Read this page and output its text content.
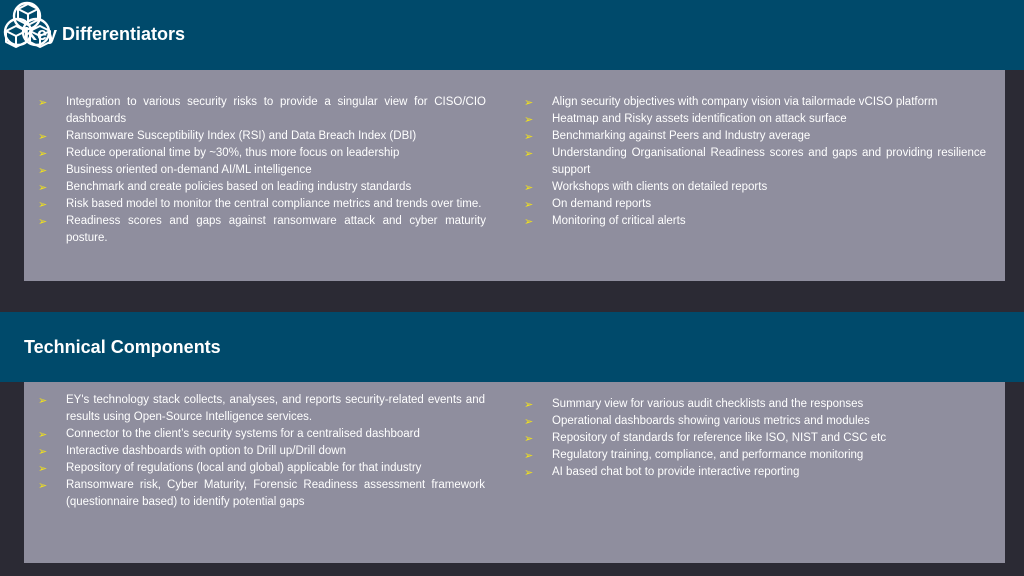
Key Differentiators
➢ Integration to various security risks to provide a singular view for CISO/CIO dashboards
➢ Ransomware Susceptibility Index (RSI) and Data Breach Index (DBI)
➢ Reduce operational time by ~30%, thus more focus on leadership
➢ Business oriented on-demand AI/ML intelligence
➢ Benchmark and create policies based on leading industry standards
➢ Risk based model to monitor the central compliance metrics and trends over time.
➢ Readiness scores and gaps against ransomware attack and cyber maturity posture.
➢ Align security objectives with company vision via tailormade vCISO platform
➢ Heatmap and Risky assets identification on attack surface
➢ Benchmarking against Peers and Industry average
➢ Understanding Organisational Readiness scores and gaps and providing resilience support
➢ Workshops with clients on detailed reports
➢ On demand reports
➢ Monitoring of critical alerts
Technical Components
➢ EY's technology stack collects, analyses, and reports security-related events and results using Open-Source Intelligence services.
➢ Connector to the client’s security systems for a centralised dashboard
➢ Interactive dashboards with option to Drill up/Drill down
➢ Repository of regulations (local and global) applicable for that industry
➢ Ransomware risk, Cyber Maturity, Forensic Readiness assessment framework (questionnaire based) to identify potential gaps
➢ Summary view for various audit checklists and the responses
➢ Operational dashboards showing various metrics and modules
➢ Repository of standards for reference like ISO, NIST and CSC etc
➢ Regulatory training, compliance, and performance monitoring
➢ AI based chat bot to provide interactive reporting
